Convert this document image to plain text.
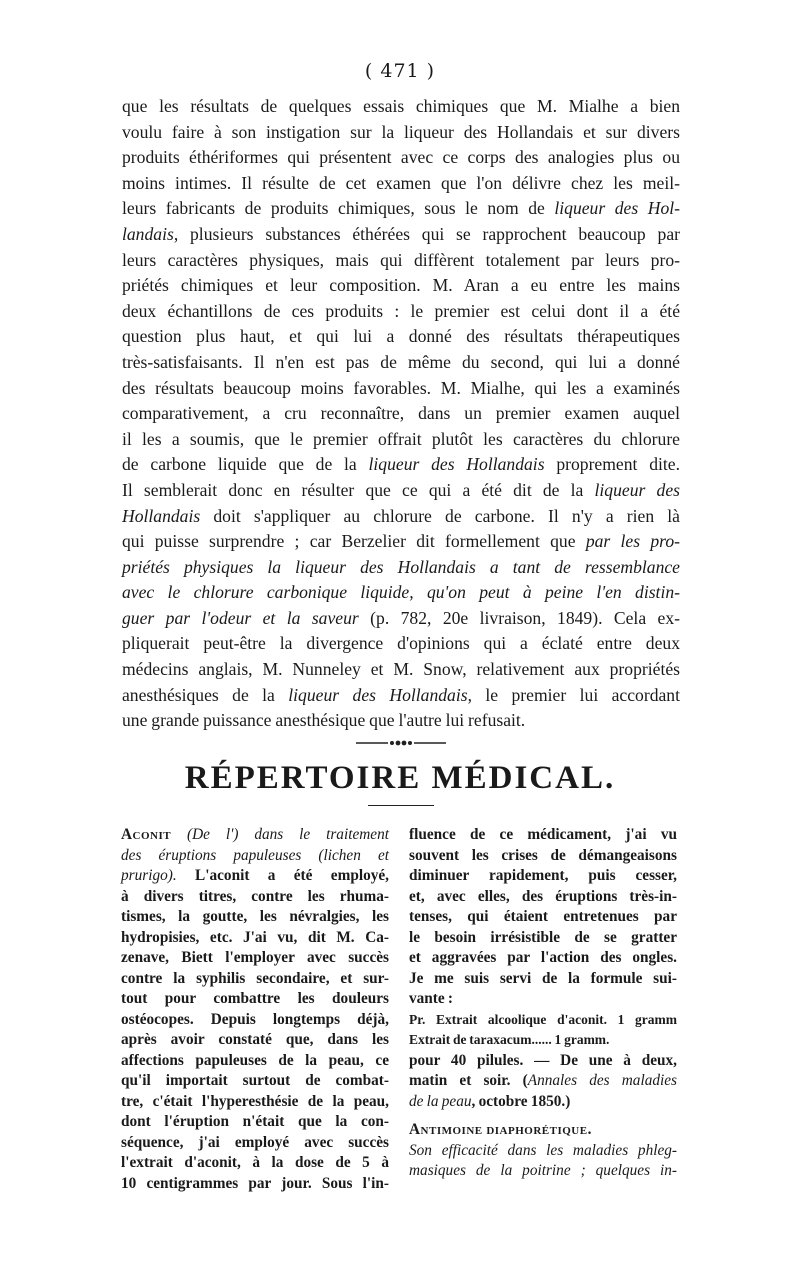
( 471 )
que les résultats de quelques essais chimiques que M. Mialhe a bien
voulu faire à son instigation sur la liqueur des Hollandais et sur divers
produits éthériformes qui présentent avec ce corps des analogies plus ou
moins intimes. Il résulte de cet examen que l'on délivre chez les meil-
leurs fabricants de produits chimiques, sous le nom de liqueur des Hol-
landais, plusieurs substances éthérées qui se rapprochent beaucoup par
leurs caractères physiques, mais qui diffèrent totalement par leurs pro-
priétés chimiques et leur composition. M. Aran a eu entre les mains
deux échantillons de ces produits : le premier est celui dont il a été
question plus haut, et qui lui a donné des résultats thérapeutiques
très-satisfaisants. Il n'en est pas de même du second, qui lui a donné
des résultats beaucoup moins favorables. M. Mialhe, qui les a examinés
comparativement, a cru reconnaître, dans un premier examen auquel
il les a soumis, que le premier offrait plutôt les caractères du chlorure
de carbone liquide que de la liqueur des Hollandais proprement dite.
Il semblerait donc en résulter que ce qui a été dit de la liqueur des
Hollandais doit s'appliquer au chlorure de carbone. Il n'y a rien là
qui puisse surprendre ; car Berzelier dit formellement que par les pro-
priétés physiques la liqueur des Hollandais a tant de ressemblance
avec le chlorure carbonique liquide, qu'on peut à peine l'en distin-
guer par l'odeur et la saveur (p. 782, 20e livraison, 1849). Cela ex-
pliquerait peut-être la divergence d'opinions qui a éclaté entre deux
médecins anglais, M. Nunneley et M. Snow, relativement aux propriétés
anesthésiques de la liqueur des Hollandais, le premier lui accordant
une grande puissance anesthésique que l'autre lui refusait.
RÉPERTOIRE MÉDICAL.
Aconit (De l') dans le traitement
des éruptions papuleuses (lichen et
prurigo). L'aconit a été employé,
à divers titres, contre les rhuma-
tismes, la goutte, les névralgies, les
hydropisies, etc. J'ai vu, dit M. Ca-
zenave, Biett l'employer avec succès
contre la syphilis secondaire, et sur-
tout pour combattre les douleurs
ostéocopes. Depuis longtemps déjà,
après avoir constaté que, dans les
affections papuleuses de la peau, ce
qu'il importait surtout de combat-
tre, c'était l'hyperesthésie de la peau,
dont l'éruption n'était que la con-
séquence, j'ai employé avec succès
l'extrait d'aconit, à la dose de 5 à
10 centigrammes par jour. Sous l'in-
fluence de ce médicament, j'ai vu
souvent les crises de démangeaisons
diminuer rapidement, puis cesser,
et, avec elles, des éruptions très-in-
tenses, qui étaient entretenues par
le besoin irrésistible de se gratter
et aggravées par l'action des ongles.
Je me suis servi de la formule sui-
vante :
Pr. Extrait alcoolique d'aconit. 1 gramm
Extrait de taraxacum...... 1 gramm.
pour 40 pilules. — De une à deux,
matin et soir. (Annales des maladies
de la peau, octobre 1850.)
Antimoine diaphorétique.
Son efficacité dans les maladies phleg-
masiques de la poitrine ; quelques in-
